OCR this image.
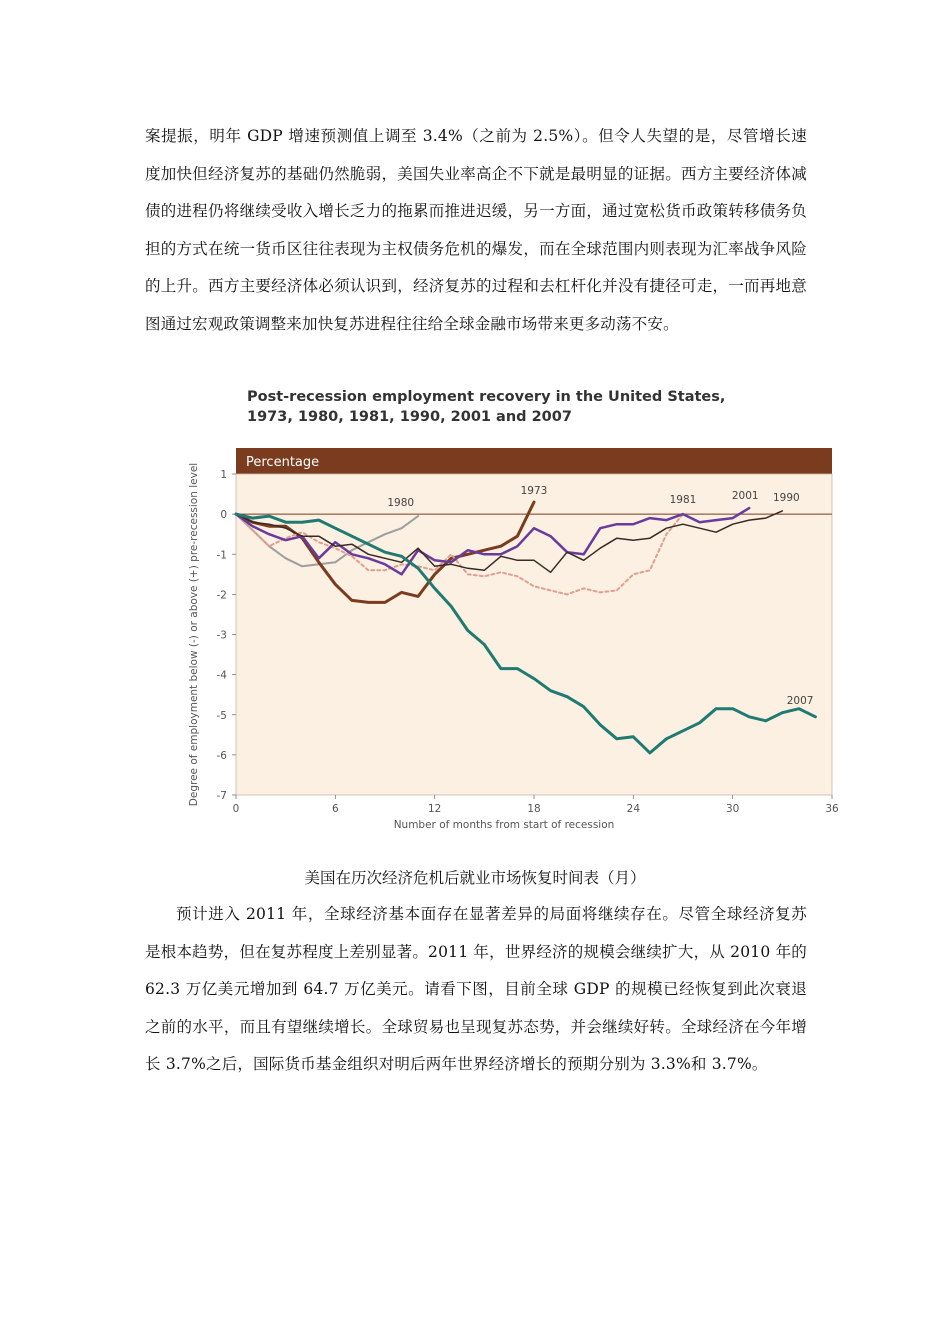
案提振，明年 GDP 增速预测值上调至 3.4%（之前为 2.5%）。但令人失望的是，尽管增长速度加快但经济复苏的基础仍然脆弱，美国失业率高企不下就是最明显的证据。西方主要经济体减债的进程仍将继续受收入增长乏力的拖累而推进迟缓，另一方面，通过宽松货币政策转移债务负担的方式在统一货币区往往表现为主权债务危机的爆发，而在全球范围内则表现为汇率战争风险的上升。西方主要经济体必须认识到，经济复苏的过程和去杠杆化并没有捷径可走，一而再地意图通过宏观政策调整来加快复苏进程往往给全球金融市场带来更多动荡不安。

Post-recession employment recovery in the United States,
1973, 1980, 1981, 1990, 2001 and 2007
Percentage
0	6	12	18	24	30	36
1
0
-1
-2
-3
-4
-5
-6
-7
1980
1973
1981	2001 1990
2007
Number of months from start of recession
Degree of employment below (-) or above (+) pre-recession level
美国在历次经济危机后就业市场恢复时间表（月）

预计进入 2011 年，全球经济基本面存在显著差异的局面将继续存在。尽管全球经济复苏是根本趋势，但在复苏程度上差别显著。2011 年，世界经济的规模会继续扩大，从 2010 年的 62.3 万亿美元增加到 64.7 万亿美元。请看下图，目前全球 GDP 的规模已经恢复到此次衰退之前的水平，而且有望继续增长。全球贸易也呈现复苏态势，并会继续好转。全球经济在今年增长 3.7%之后，国际货币基金组织对明后两年世界经济增长的预期分别为 3.3%和 3.7%。
